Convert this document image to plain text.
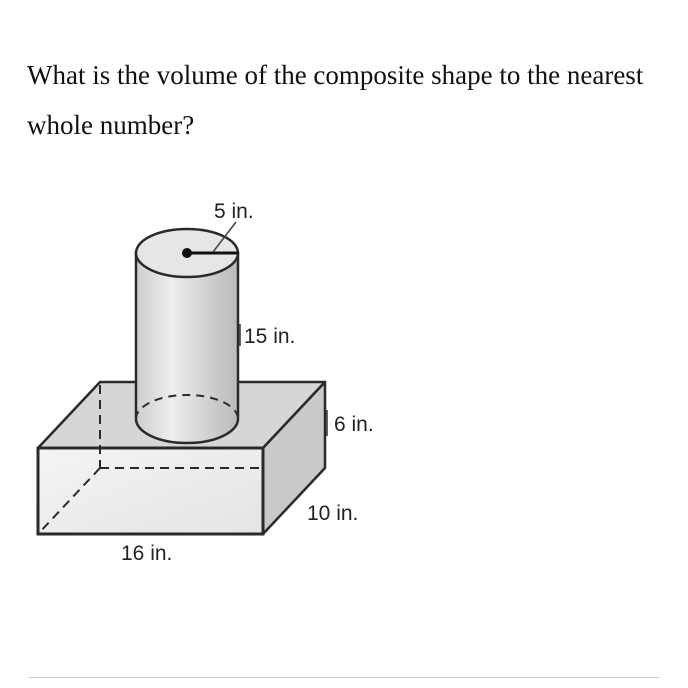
What is the volume of the composite shape to the nearest whole number?

5 in.
15 in.
6 in.
10 in.
16 in.
